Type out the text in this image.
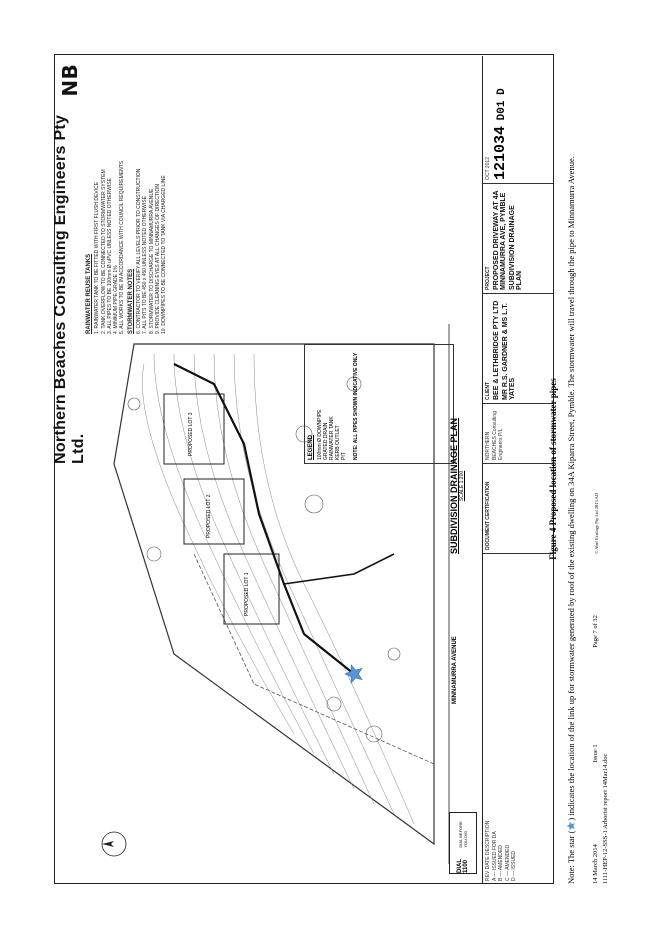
Northern Beaches Consulting Engineers Pty Ltd.
NB
RAINWATER REUSE TANKS 1. RAINWATER TANK TO BE FITTED WITH FIRST FLUSH DEVICE 2. TANK OVERFLOW TO BE CONNECTED TO STORMWATER SYSTEM 3. ALL PIPES TO BE 100mm Ø uPVC UNLESS NOTED OTHERWISE 4. MINIMUM PIPE GRADE 1% 5. ALL WORKS TO BE IN ACCORDANCE WITH COUNCIL REQUIREMENTS STORMWATER NOTES 6. CONTRACTOR TO VERIFY ALL LEVELS PRIOR TO CONSTRUCTION 7. ALL PITS TO BE 450 x 450 UNLESS NOTED OTHERWISE 8. STORMWATER TO DISCHARGE TO MINNAMURRA AVENUE 9. PROVIDE CLEANING EYES AT ALL CHANGES OF DIRECTION 10. DOWNPIPES TO BE CONNECTED TO TANK VIA CHARGED LINE
LEGEND 100mm Ø DOWNPIPE GRATED DRAIN RAINWATER TANK KERB OUTLET PIT NOTE: ALL PIPES SHOWN INDICATIVE ONLY
PROPOSED LOT 1
PROPOSED LOT 2
PROPOSED LOT 3
MINNAMURRA AVENUE
SUBDIVISION DRAINAGE PLAN SCALE 1:200
DIAL 1100
DIAL BEFORE YOU DIG	REV DATE DESCRIPTION A — ISSUED FOR DA B — AMENDED C — AMENDED D — ISSUED
DOCUMENT CERTIFICATION
NORTHERN BEACHES Consulting Engineers P/L
CLIENT BEE & LETHBRIDGE PTY LTD MR R.S. GARDNER & MS L.T. YATES
PROJECT PROPOSED DRIVEWAY AT 4A MINNAMURRA AVE, PYMBLE SUBDIVISION DRAINAGE PLAN
OCT 2012 121034 D01 D
Figure 4 Proposed location of stormwater pipes
Note: The star () indicates the location of the link up for stormwater generated by roof of the existing dwelling on 34A Kiparra Street, Pymble. The stormwater will travel through the pipe to Minnamurra Avenue.
14 March 2014 Issue 1 Page 7 of 32
1111-HEP-12-SSS-1 Arborist report 14Mar14.doc
© Abel Ecology Pty Ltd 2013 AD
